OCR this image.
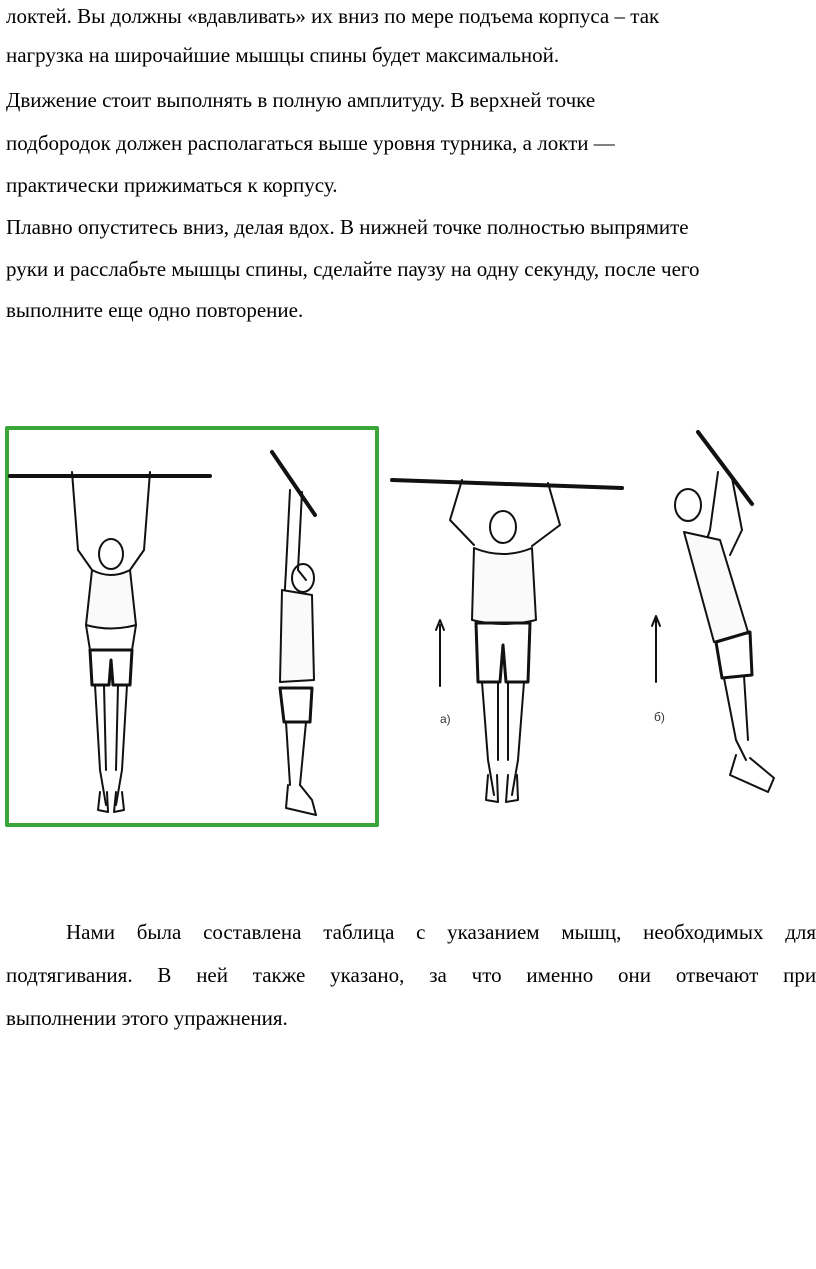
локтей. Вы должны «вдавливать» их вниз по мере подъема корпуса – так
нагрузка на широчайшие мышцы спины будет максимальной.
Движение стоит выполнять в полную амплитуду. В верхней точке
подбородок должен располагаться выше уровня турника, а локти —
практически прижиматься к корпусу.
Плавно опуститесь вниз, делая вдох. В нижней точке полностью выпрямите
руки и расслабьте мышцы спины, сделайте паузу на одну секунду, после чего
выполните еще одно повторение.
а)	б)
Нами была составлена таблица с указанием мышц, необходимых для
подтягивания. В ней также указано, за что именно они отвечают при
выполнении этого упражнения.
